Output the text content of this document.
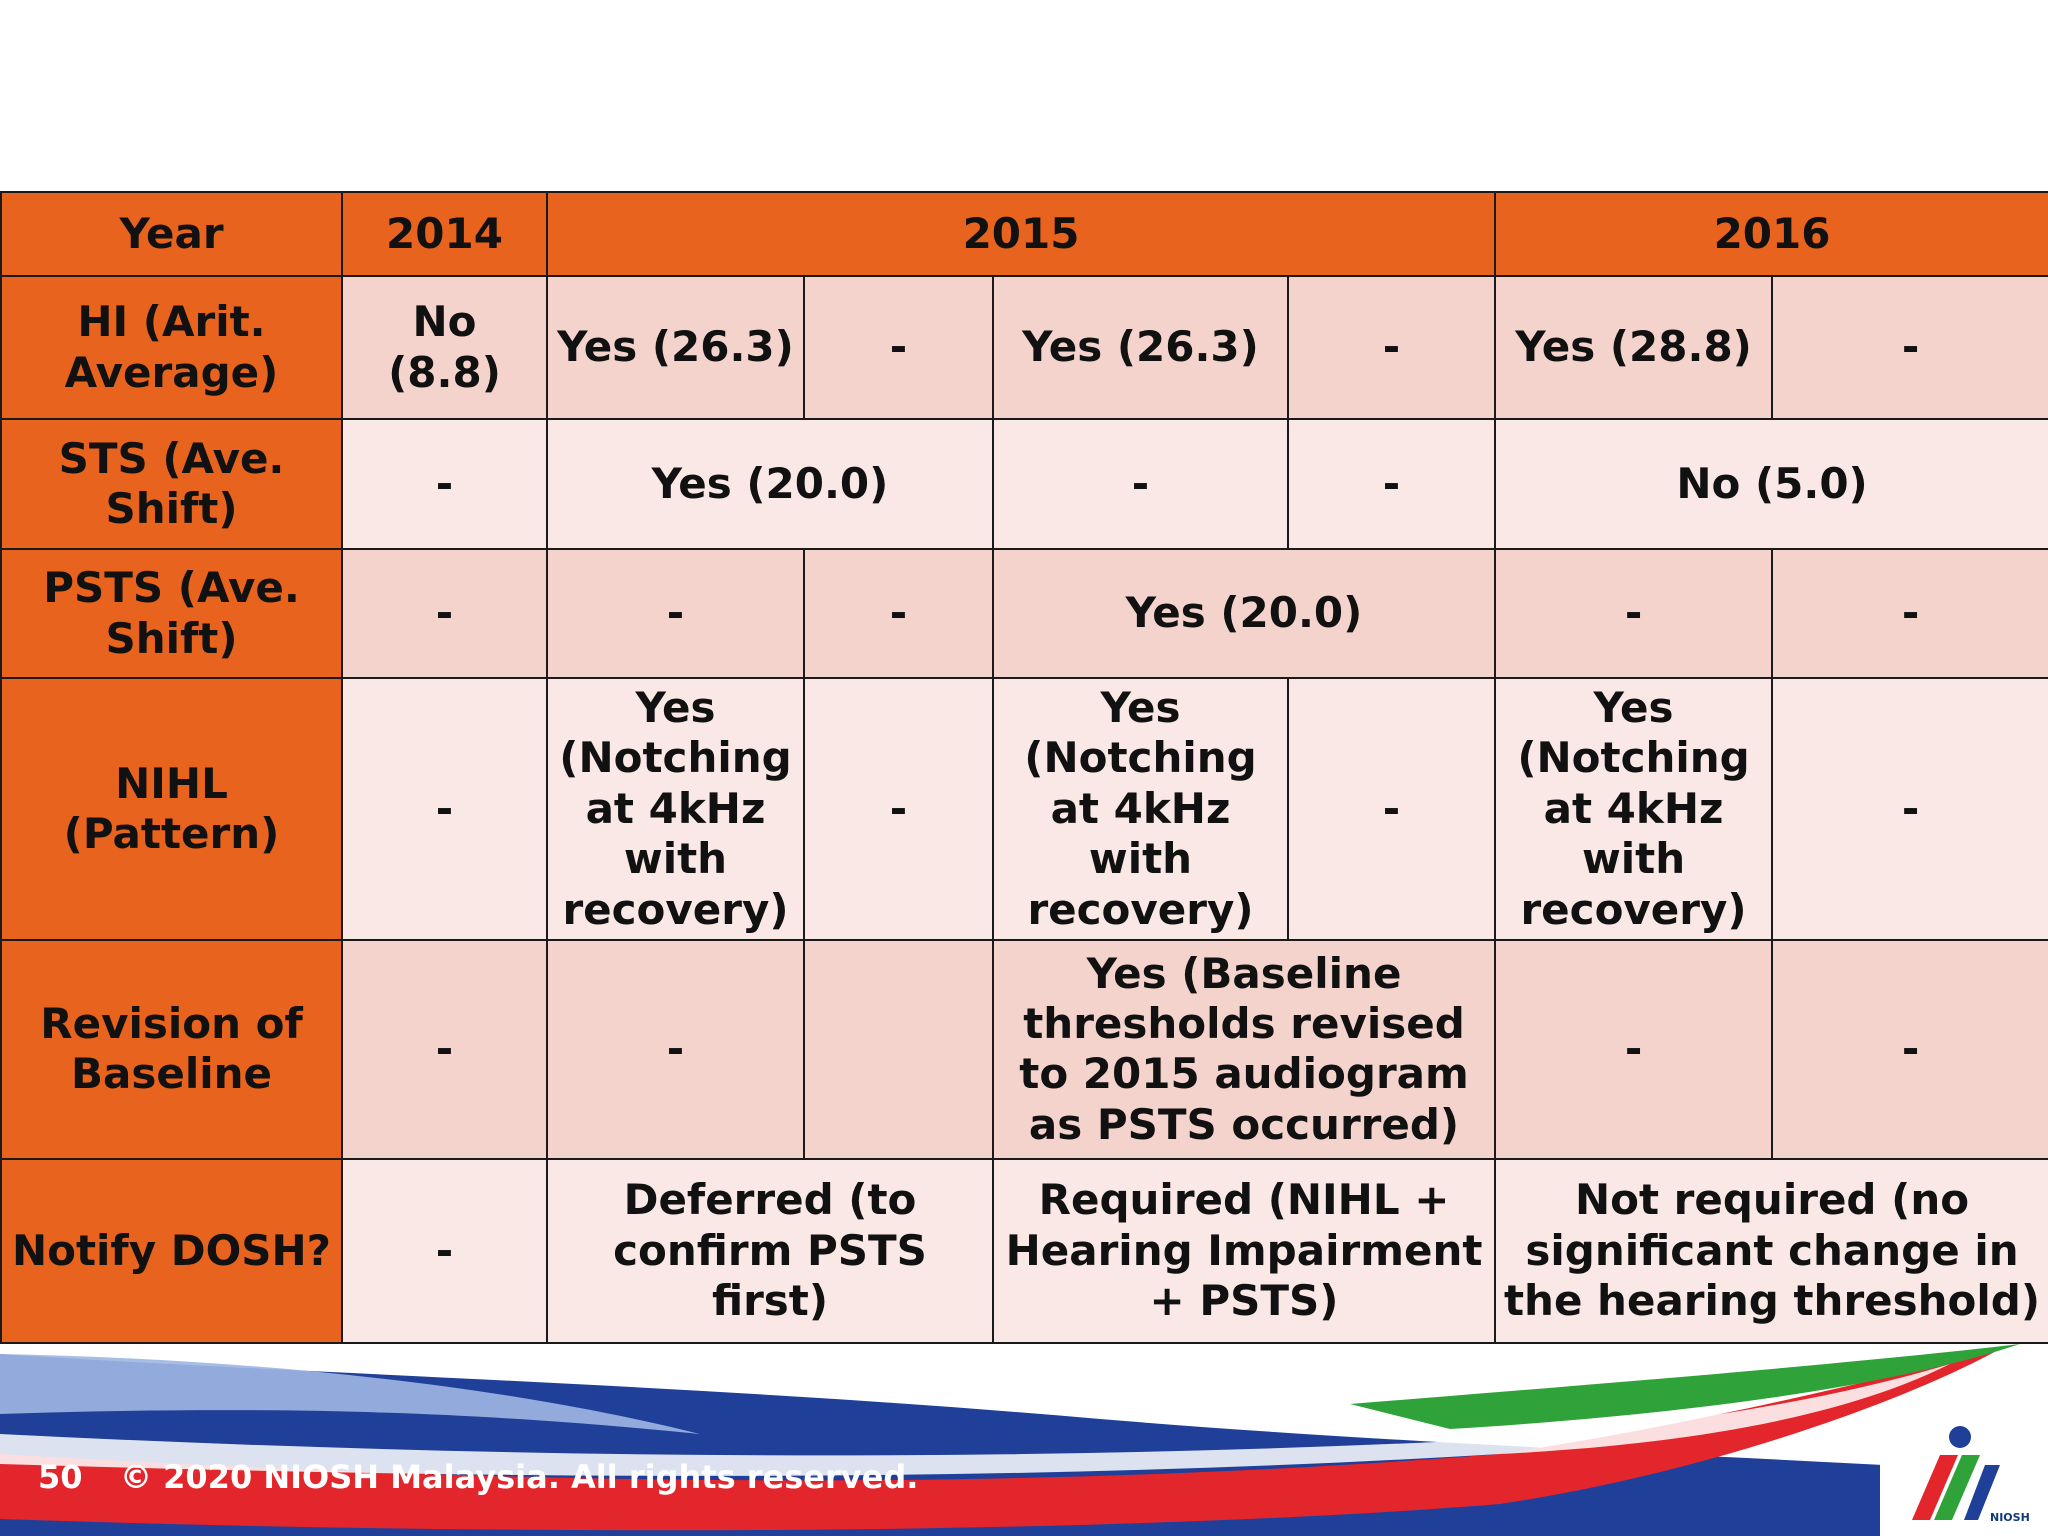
Year	2014	2015				2016	
HI (Arit. Average)	No (8.8)	Yes (26.3)	-	Yes (26.3)	-	Yes (28.8)	-
STS (Ave. Shift)	-	Yes (20.0)		-	-	No (5.0)	
PSTS (Ave. Shift)	-	-	-	Yes (20.0)		-	-
NIHL (Pattern)	-	Yes (Notching at 4kHz with recovery)	-	Yes (Notching at 4kHz with recovery)	-	Yes (Notching at 4kHz with recovery)	-
Revision of Baseline	-	-		Yes (Baseline thresholds revised to 2015 audiogram as PSTS occurred)		-	-
Notify DOSH?	-	Deferred (to confirm PSTS first)		Required (NIHL + Hearing Impairment + PSTS)		Not required (no significant change in the hearing threshold)	
50 © 2020 NIOSH Malaysia. All rights reserved.
NIOSH
